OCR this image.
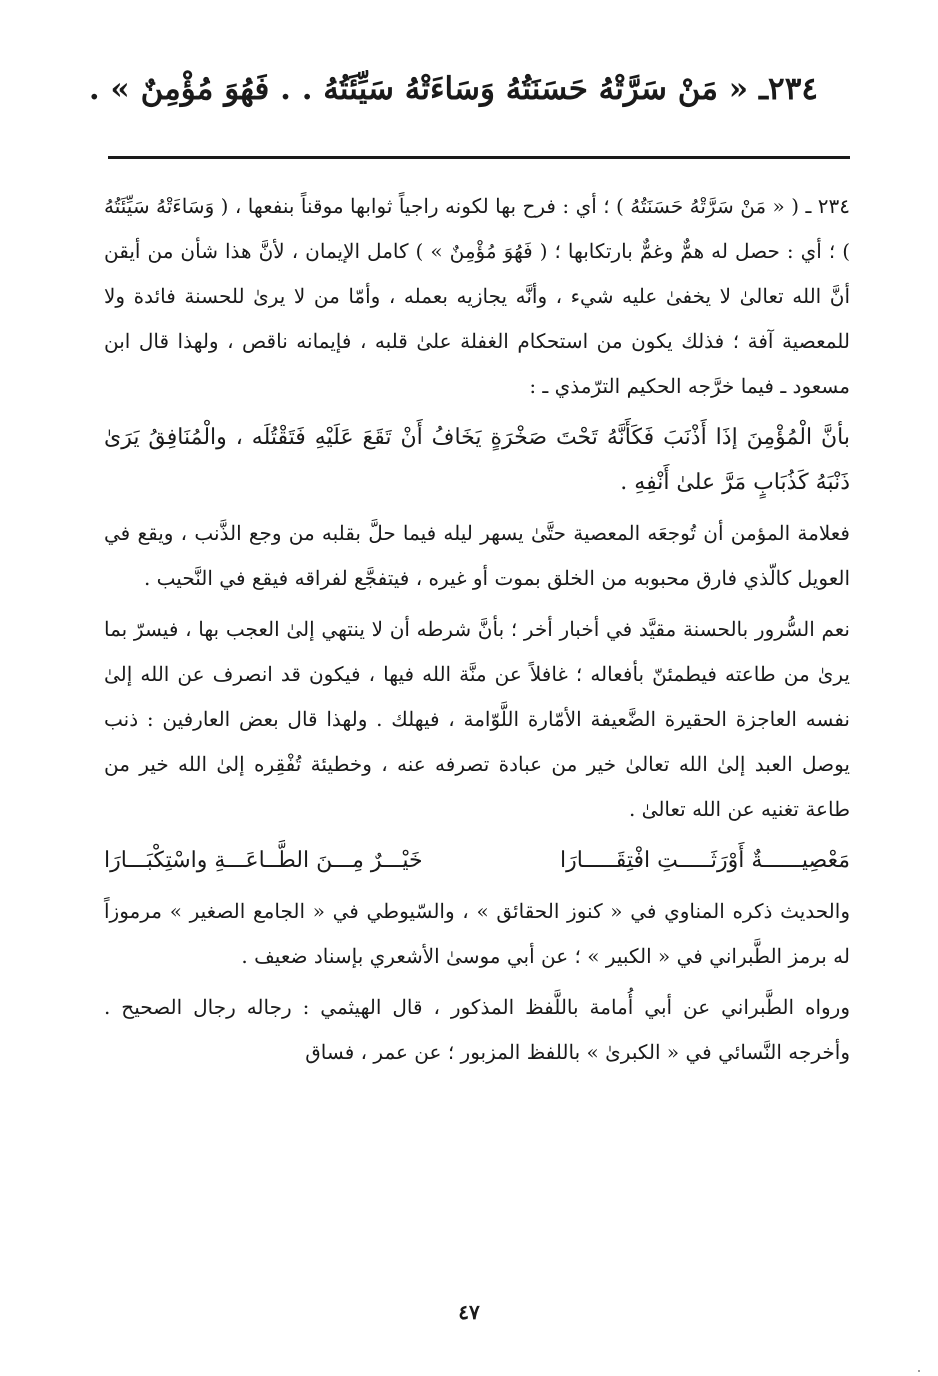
٢٣٤ـ « مَنْ سَرَّتْهُ حَسَنَتُهُ وَسَاءَتْهُ سَيِّئَتُهُ . . فَهُوَ مُؤْمِنٌ » .

٢٣٤ ـ ( « مَنْ سَرَّتْهُ حَسَنَتُهُ ) ؛ أي : فرح بها لكونه راجياً ثوابها موقناً بنفعها ، ( وَسَاءَتْهُ سَيِّئَتُهُ ) ؛ أي : حصل له همٌّ وغمٌّ بارتكابها ؛ ( فَهُوَ مُؤْمِنٌ » ) كامل الإيمان ، لأنَّ هذا شأن من أيقن أنَّ الله تعالىٰ لا يخفىٰ عليه شيء ، وأنَّه يجازيه بعمله ، وأمّا من لا يرىٰ للحسنة فائدة ولا للمعصية آفة ؛ فذلك يكون من استحكام الغفلة علىٰ قلبه ، فإيمانه ناقص ، ولهذا قال ابن مسعود ـ فيما خرَّجه الحكيم الترّمذي ـ :

بأنَّ الْمُؤْمِنَ إذَا أَذْنَبَ فَكَأَنَّهُ تَحْتَ صَخْرَةٍ يَخَافُ أَنْ تَقَعَ عَلَيْهِ فَتَقْتُلَه ، والْمُنَافِقُ يَرَىٰ ذَنْبَهُ كَذُبَابٍ مَرَّ علىٰ أَنْفِهِ .

فعلامة المؤمن أن تُوجعَه المعصية حتَّىٰ يسهر ليله فيما حلَّ بقلبه من وجع الذَّنب ، ويقع في العويل كالّذي فارق محبوبه من الخلق بموت أو غيره ، فيتفجَّع لفراقه فيقع في النَّحيب .

نعم السُّرور بالحسنة مقيَّد في أخبار أخر ؛ بأنَّ شرطه أن لا ينتهي إلىٰ العجب بها ، فيسرّ بما يرىٰ من طاعته فيطمئنّ بأفعاله ؛ غافلاً عن منَّة الله فيها ، فيكون قد انصرف عن الله إلىٰ نفسه العاجزة الحقيرة الضَّعيفة الأمّارة اللَّوّامة ، فيهلك . ولهذا قال بعض العارفين : ذنب يوصل العبد إلىٰ الله تعالىٰ خير من عبادة تصرفه عنه ، وخطيئة تُفْقِره إلىٰ الله خير من طاعة تغنيه عن الله تعالىٰ .

مَعْصِيــــــةٌ أَوْرَثَـــــتِ افْتِقَـــــارَا
خَيْـــرٌ مِـــنَ الطَّــاعَـــةِ واسْتِكْبَـــارَا

والحديث ذكره المناوي في « كنوز الحقائق » ، والسّيوطي في « الجامع الصغير » مرموزاً له برمز الطَّبراني في « الكبير » ؛ عن أبي موسىٰ الأشعري بإسناد ضعيف .

ورواه الطَّبراني عن أبي أُمامة باللَّفظ المذكور ، قال الهيثمي : رجاله رجال الصحيح . وأخرجه النَّسائي في « الكبرىٰ » باللفظ المزبور ؛ عن عمر ، فساق

٤٧
